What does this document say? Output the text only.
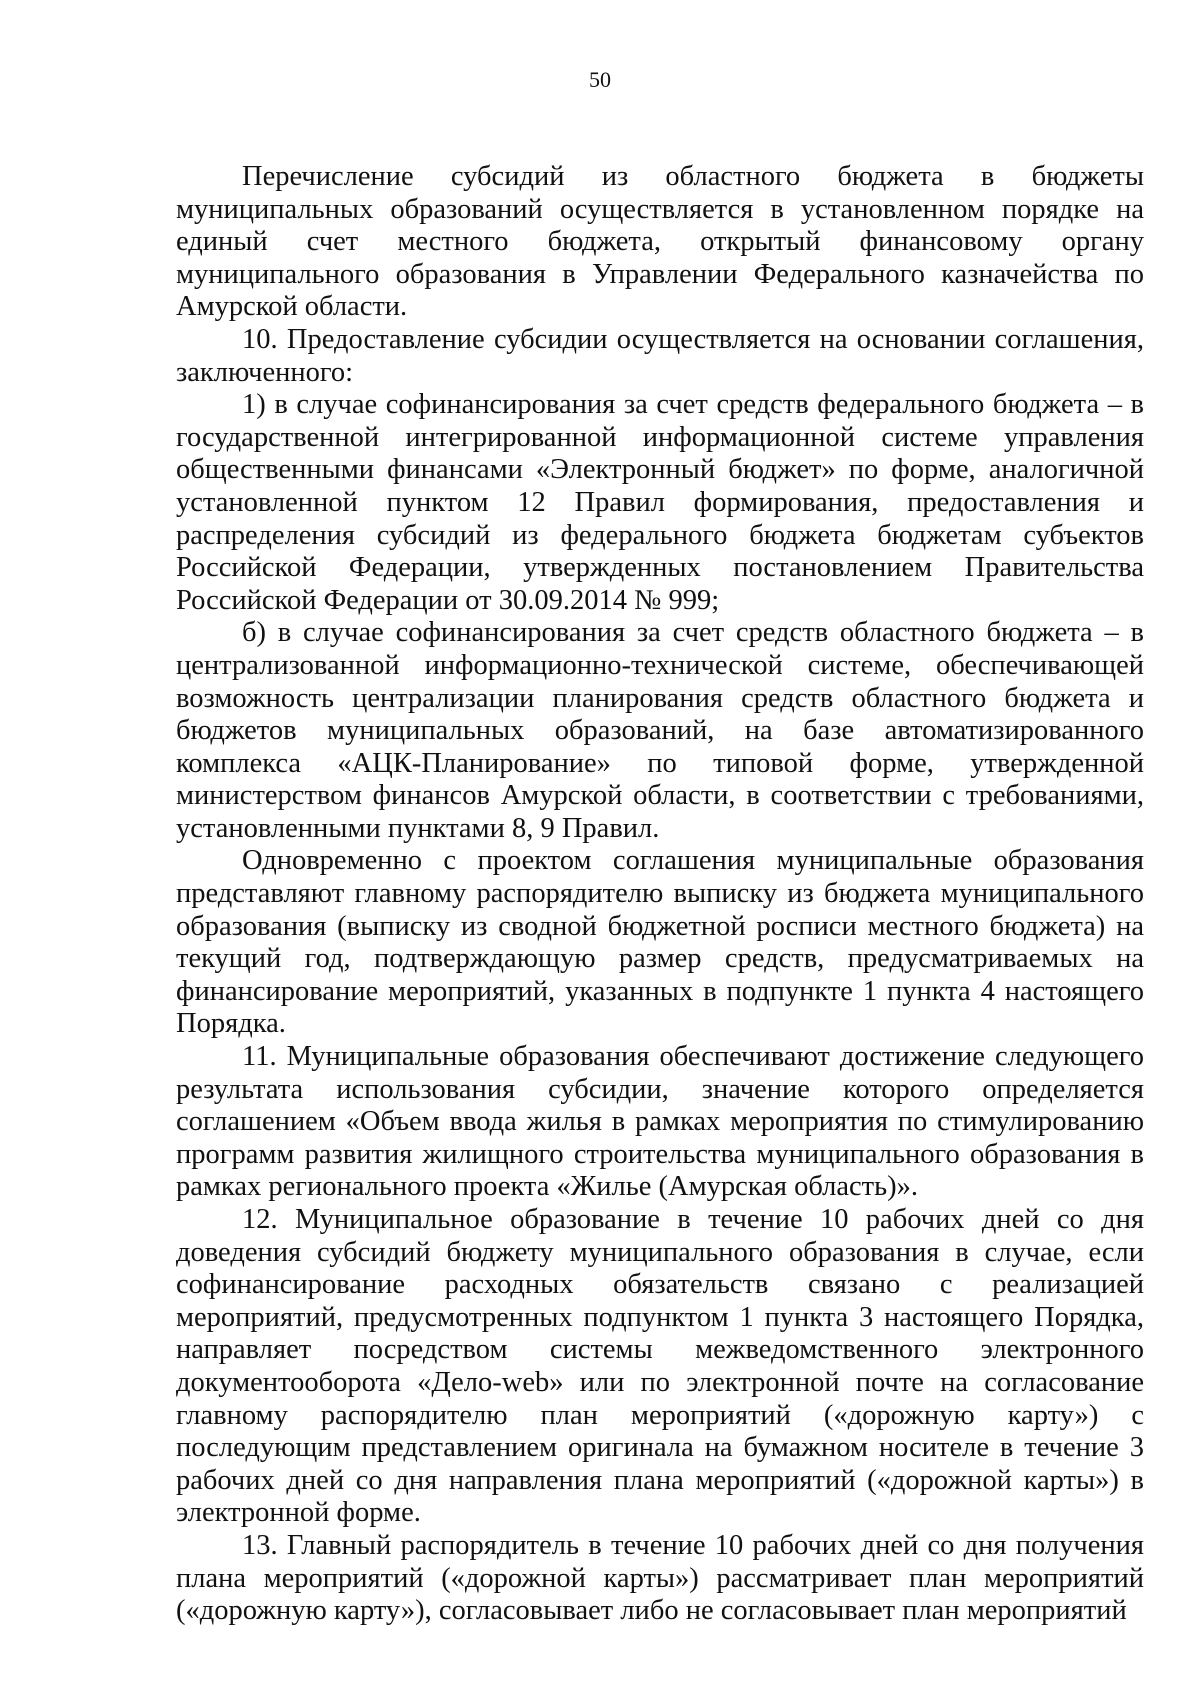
50

Перечисление субсидий из областного бюджета в бюджеты муниципальных образований осуществляется в установленном порядке на единый счет местного бюджета, открытый финансовому органу муниципального образования в Управлении Федерального казначейства по Амурской области.

10. Предоставление субсидии осуществляется на основании соглашения, заключенного:

1) в случае софинансирования за счет средств федерального бюджета – в государственной интегрированной информационной системе управления общественными финансами «Электронный бюджет» по форме, аналогичной установленной пунктом 12 Правил формирования, предоставления и распределения субсидий из федерального бюджета бюджетам субъектов Российской Федерации, утвержденных постановлением Правительства Российской Федерации от 30.09.2014 № 999;

б) в случае софинансирования за счет средств областного бюджета – в централизованной информационно-технической системе, обеспечивающей возможность централизации планирования средств областного бюджета и бюджетов муниципальных образований, на базе автоматизированного комплекса «АЦК-Планирование» по типовой форме, утвержденной министерством финансов Амурской области, в соответствии с требованиями, установленными пунктами 8, 9 Правил.

Одновременно с проектом соглашения муниципальные образования представляют главному распорядителю выписку из бюджета муниципального образования (выписку из сводной бюджетной росписи местного бюджета) на текущий год, подтверждающую размер средств, предусматриваемых на финансирование мероприятий, указанных в подпункте 1 пункта 4 настоящего Порядка.

11. Муниципальные образования обеспечивают достижение следующего результата использования субсидии, значение которого определяется соглашением «Объем ввода жилья в рамках мероприятия по стимулированию программ развития жилищного строительства муниципального образования в рамках регионального проекта «Жилье (Амурская область)».

12. Муниципальное образование в течение 10 рабочих дней со дня доведения субсидий бюджету муниципального образования в случае, если софинансирование расходных обязательств связано с реализацией мероприятий, предусмотренных подпунктом 1 пункта 3 настоящего Порядка, направляет посредством системы межведомственного электронного документооборота «Дело-web» или по электронной почте на согласование главному распорядителю план мероприятий («дорожную карту») с последующим представлением оригинала на бумажном носителе в течение 3 рабочих дней со дня направления плана мероприятий («дорожной карты») в электронной форме.

13. Главный распорядитель в течение 10 рабочих дней со дня получения плана мероприятий («дорожной карты») рассматривает план мероприятий («дорожную карту»), согласовывает либо не согласовывает план мероприятий
